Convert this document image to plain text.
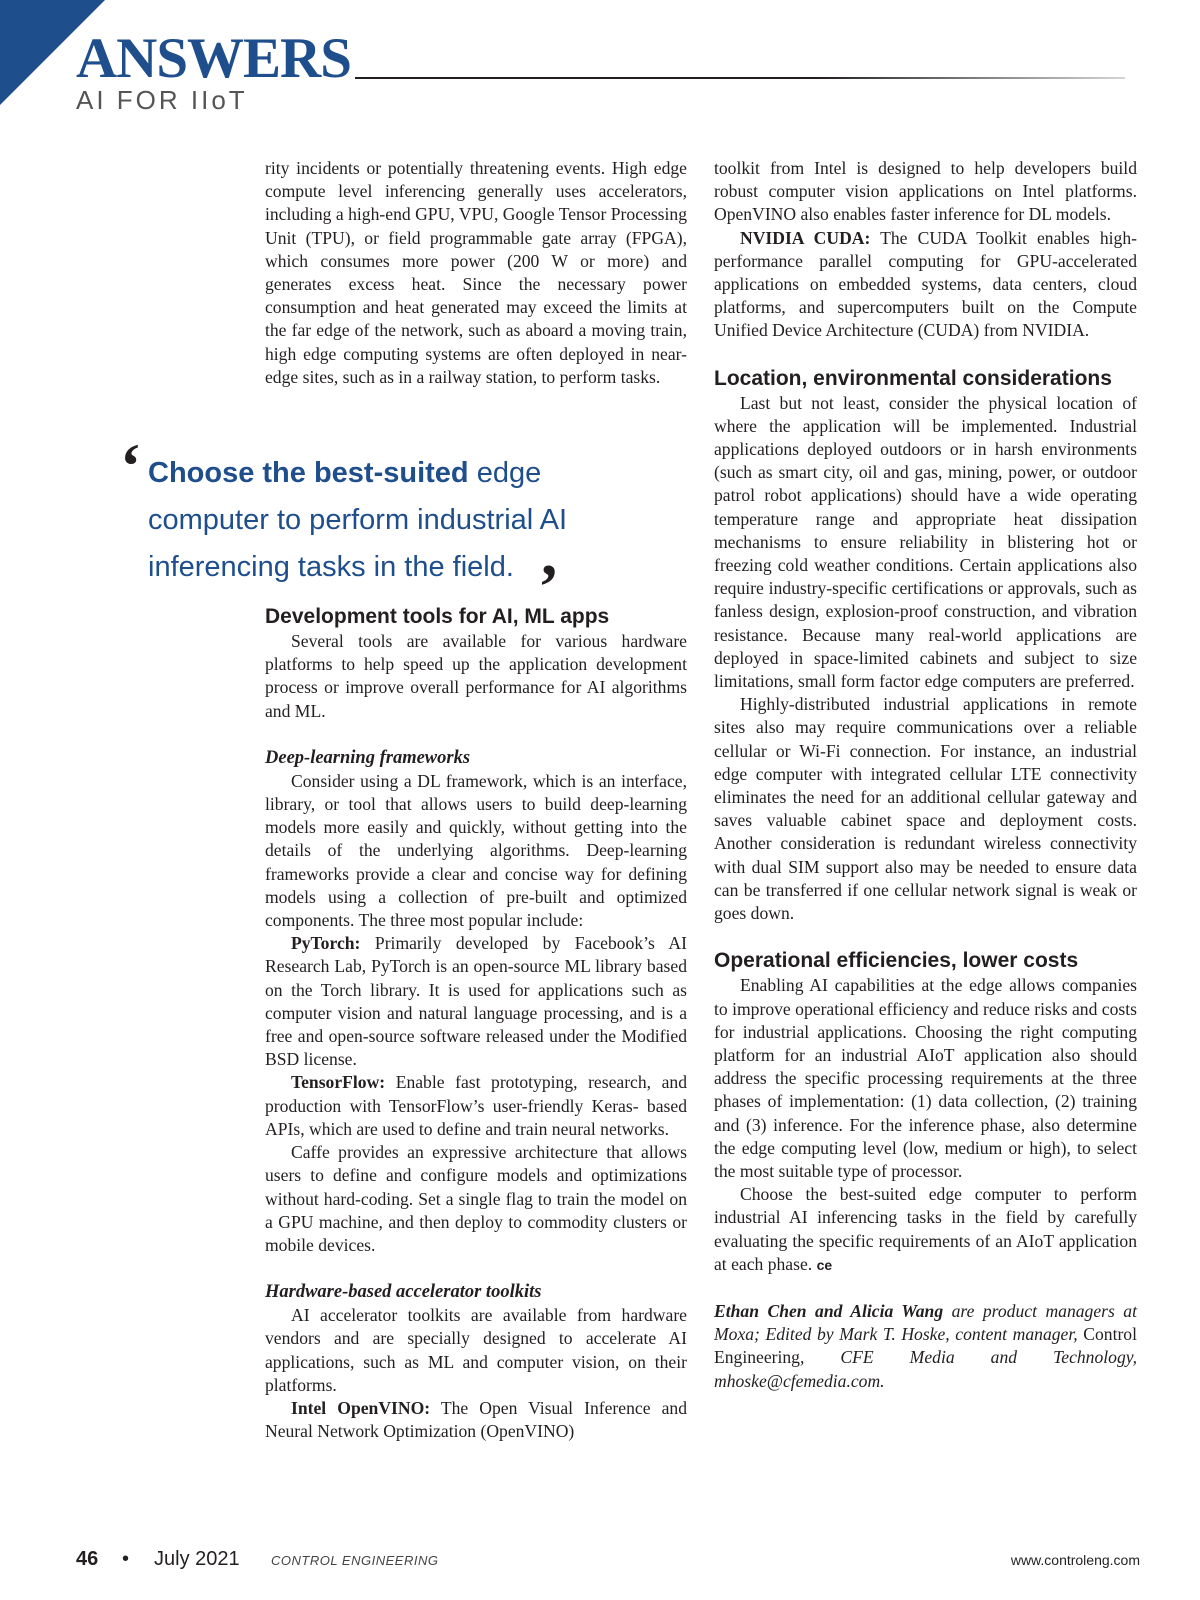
ANSWERS
AI FOR IIoT

rity incidents or potentially threatening events. High edge compute level inferencing generally uses accelerators, including a high-end GPU, VPU, Google Tensor Processing Unit (TPU), or field programmable gate array (FPGA), which consumes more power (200 W or more) and generates excess heat. Since the necessary power consumption and heat generated may exceed the limits at the far edge of the network, such as aboard a moving train, high edge computing systems are often deployed in near-edge sites, such as in a railway station, to perform tasks.

Development tools for AI, ML apps

Several tools are available for various hardware platforms to help speed up the application development process or improve overall performance for AI algorithms and ML.

Deep-learning frameworks

Consider using a DL framework, which is an interface, library, or tool that allows users to build deep-learning models more easily and quickly, without getting into the details of the underlying algorithms. Deep-learning frameworks provide a clear and concise way for defining models using a collection of pre-built and optimized components. The three most popular include:

PyTorch: Primarily developed by Facebook’s AI Research Lab, PyTorch is an open-source ML library based on the Torch library. It is used for applications such as computer vision and natural language processing, and is a free and open-source software released under the Modified BSD license.

TensorFlow: Enable fast prototyping, research, and production with TensorFlow’s user-friendly Keras- based APIs, which are used to define and train neural networks.

Caffe provides an expressive architecture that allows users to define and configure models and optimizations without hard-coding. Set a single flag to train the model on a GPU machine, and then deploy to commodity clusters or mobile devices.

Hardware-based accelerator toolkits

AI accelerator toolkits are available from hardware vendors and are specially designed to accelerate AI applications, such as ML and computer vision, on their platforms.

Intel OpenVINO: The Open Visual Inference and Neural Network Optimization (OpenVINO)

‘ Choose the best-suited edge computer to perform industrial AI inferencing tasks in the field. ’

toolkit from Intel is designed to help developers build robust computer vision applications on Intel platforms. OpenVINO also enables faster inference for DL models.

NVIDIA CUDA: The CUDA Toolkit enables high-performance parallel computing for GPU-accelerated applications on embedded systems, data centers, cloud platforms, and supercomputers built on the Compute Unified Device Architecture (CUDA) from NVIDIA.

Location, environmental considerations

Last but not least, consider the physical location of where the application will be implemented. Industrial applications deployed outdoors or in harsh environments (such as smart city, oil and gas, mining, power, or outdoor patrol robot applications) should have a wide operating temperature range and appropriate heat dissipation mechanisms to ensure reliability in blistering hot or freezing cold weather conditions. Certain applications also require industry-specific certifications or approvals, such as fanless design, explosion-proof construction, and vibration resistance. Because many real-world applications are deployed in space-limited cabinets and subject to size limitations, small form factor edge computers are preferred.

Highly-distributed industrial applications in remote sites also may require communications over a reliable cellular or Wi-Fi connection. For instance, an industrial edge computer with integrated cellular LTE connectivity eliminates the need for an additional cellular gateway and saves valuable cabinet space and deployment costs. Another consideration is redundant wireless connectivity with dual SIM support also may be needed to ensure data can be transferred if one cellular network signal is weak or goes down.

Operational efficiencies, lower costs

Enabling AI capabilities at the edge allows companies to improve operational efficiency and reduce risks and costs for industrial applications. Choosing the right computing platform for an industrial AIoT application also should address the specific processing requirements at the three phases of implementation: (1) data collection, (2) training and (3) inference. For the inference phase, also determine the edge computing level (low, medium or high), to select the most suitable type of processor.

Choose the best-suited edge computer to perform industrial AI inferencing tasks in the field by carefully evaluating the specific requirements of an AIoT application at each phase. ce

Ethan Chen and Alicia Wang are product managers at Moxa; Edited by Mark T. Hoske, content manager, Control Engineering, CFE Media and Technology, mhoske@cfemedia.com.

46 • July 2021 CONTROL ENGINEERING	www.controleng.com
